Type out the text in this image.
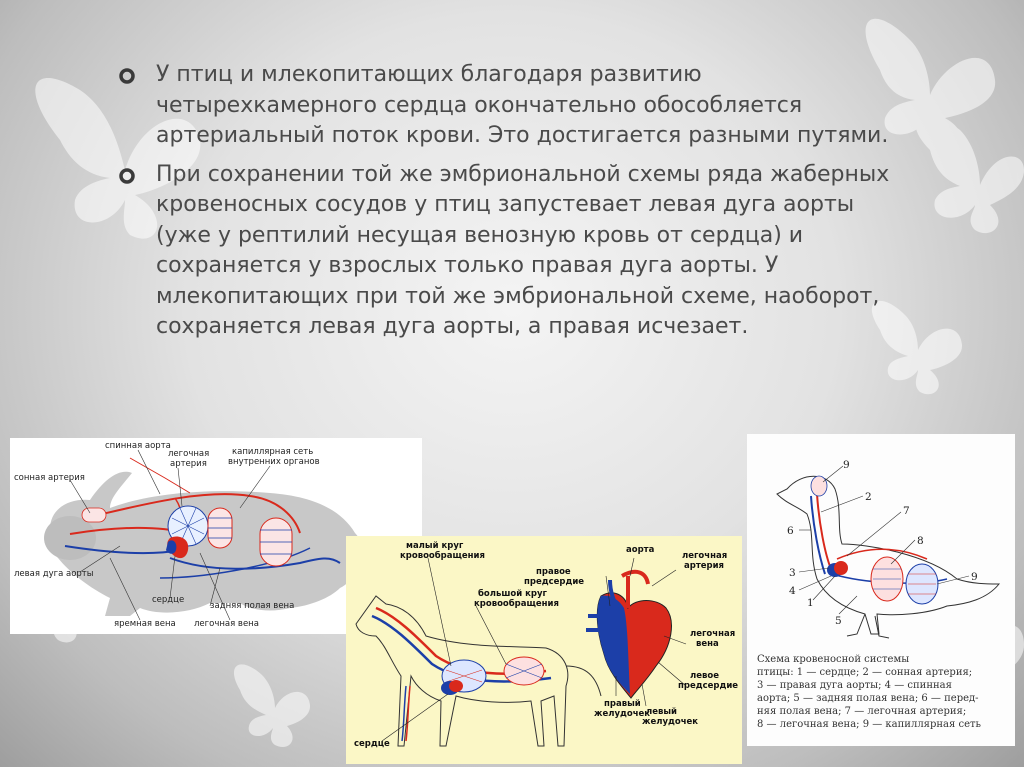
У птиц и млекопитающих благодаря развитию четырехкамерного сердца окончательно обособляется артериальный поток крови. Это достигается разными путями.
При сохранении той же эмбриональной схемы ряда жаберных кровеносных сосудов у птиц запустевает левая дуга аорты (уже у рептилий несущая венозную кровь от сердца) и сохраняется у взрослых только правая дуга аорты. У млекопитающих при той же эмбриональной схеме, наоборот, сохраняется левая дуга аорты, а правая исчезает.
спинная аорта
легочная
артерия
капиллярная сеть
внутренних органов
сонная артерия
левая дуга аорты
сердце
задняя полая вена
яремная вена легочная вена
малый круг
кровообращения
аорта
правое
предсердие
легочная
артерия
большой круг
кровообращения
легочная
вена
левое
предсердие
правый
желудочек
левый
желудочек
сердце
9
2
7
6
8
3
4
1
9
5
Схема кровеносной системы
птицы: 1 — сердце; 2 — сонная артерия;
3 — правая дуга аорты; 4 — спинная
аорта; 5 — задняя полая вена; 6 — перед-
няя полая вена; 7 — легочная артерия;
8 — легочная вена; 9 — капиллярная сеть
